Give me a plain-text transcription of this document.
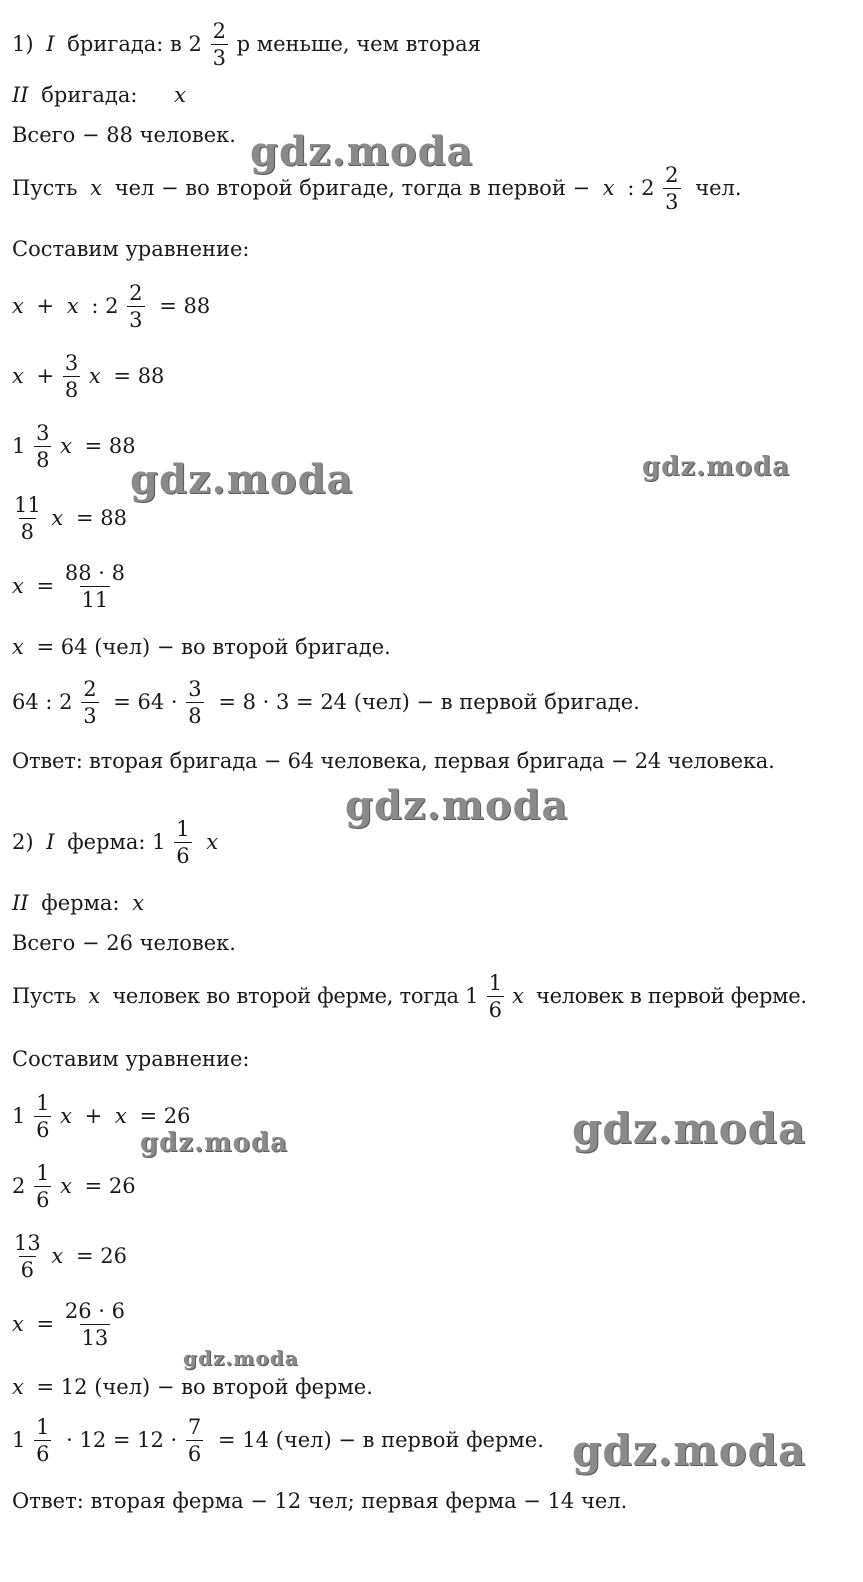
1) I бригада: в $2 \frac{2}{3}$ р меньше, чем вторая
II бригада: x
Всего − 88 человек.
Пусть x чел − во второй бригаде, тогда в первой − x : $2 \frac{2}{3}$ чел.
Составим уравнение:
x + x : $2 \frac{2}{3} = 88$
$x + \frac{3}{8}$ x = 88
$1 \frac{3}{8}$ x = 88
$\frac{11}{8}$ x = 88
$x = \frac{88 \cdot 8}{11}$
x = 64 (чел) − во второй бригаде.
64 : $2 \frac{2}{3} = 64 \cdot \frac{3}{8} = 8 \cdot 3 = 24$ (чел) − в первой бригаде.
Ответ: вторая бригада − 64 человека, первая бригада − 24 человека.
2) I ферма: $1 \frac{1}{6}$ x
II ферма: x
Всего − 26 человек.
Пусть x человек во второй ферме, тогда $1 \frac{1}{6}$ x человек в первой ферме.
Составим уравнение:
$1 \frac{1}{6}$ x + x = 26
$2 \frac{1}{6}$ x = 26
$\frac{13}{6}$ x = 26
$x = \frac{26 \cdot 6}{13}$
x = 12 (чел) − во второй ферме.
$1 \frac{1}{6} \cdot 12 = 12 \cdot \frac{7}{6} = 14$ (чел) − в первой ферме.
Ответ: вторая ферма − 12 чел; первая ферма − 14 чел.
gdz.moda
gdz.moda	gdz.moda
gdz.moda
gdz.moda	gdz.moda
gdz.moda
gdz.moda
